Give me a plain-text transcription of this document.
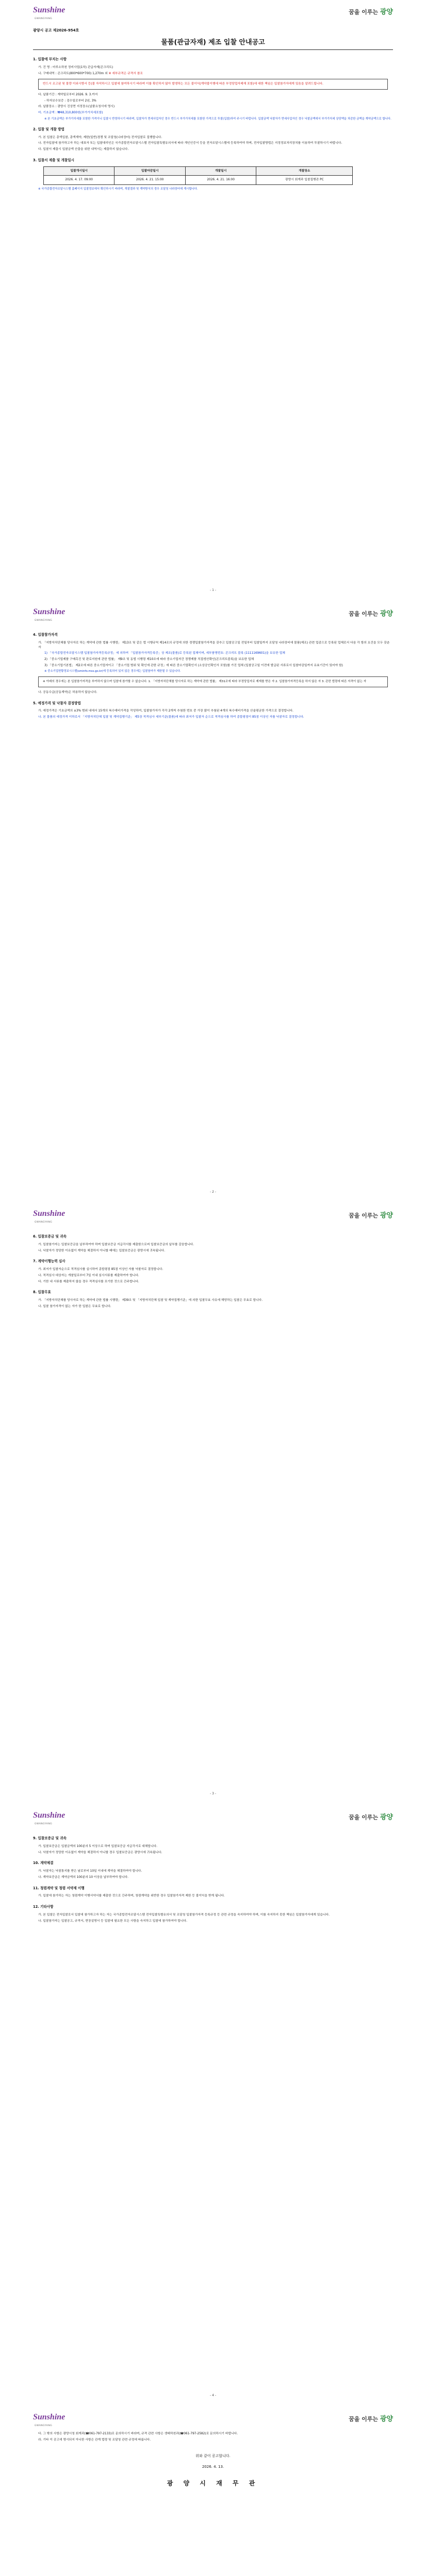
Sunshine
GWANGYANG
꿈을 이루는 광양
광양시 공고 제2026-954호
물품(관급자재) 제조 입찰 안내공고
1. 입찰에 부치는 사항
가. 건 명 : 마루소하천 정비사업(1차) 관급자재(콘크리트)
나. 구매내역 : 콘크리트(800*600*700) 1,270m 외 ※ 세부규격은 규격서 참조
반드시 조고된 및 물량 이외시방서 등(물 자석하시고 입찰에 참여하시기 바라며 이를 확인하지 않아 발생하는 모든 불이익(계약불이행에 따른 부정당업자제재 포함)에 대한 책임은 입찰참가자에게 있음을 알려드립니다.
다. 납품기간 : 계약일로부터 2026. 9. 3.까지
- 하자보수보증 : 검수일로부터 2년, 3%
라. 납품장소 : 광양시 진상면 지정장소(납품요청서에 명시)
마. 기초금액 : ₩48,310,800원(부가가치세포함)
※ 본 기초금액은 부가가치세를 포함한 가격이니 입찰시 반영하시기 바라며, 입찰자가 면세사업자인 경우 반드시 부가가치세를 포함한 가격으로 투찰(입찰)하여 주시기 바랍니다. 입찰금액 낙찰자가 면세사업자인 경우 낙찰금액에서 부가가치세 상당액을 차감한 금액을 계약금액으로 합니다.
2. 입찰 및 개찰 방법
가. 본 입찰은 총액입찰, 총액계약, 제한(일반)경쟁 및 조달청(나라장터) 전자입찰로 집행합니다.
나. 전자입찰에 참가하고자 하는 대표자 또는 입찰대리인은 국가종합전자조달시스템 전자입찰특별유의서에 따라 개인인증서 등을 전자조달시스템에 등록하여야 하며, 전자입찰방법은 지정정보처리장치를 이용하여 투찰하시기 바랍니다.
다. 입찰서 제출시 입찰금액 산출을 위한 내역서는 제출하지 않습니다.
3. 입찰서 제출 및 개찰일시
입찰개시일시	입찰마감일시	개찰일시	개찰장소
2026. 4. 17. 09:00	2026. 4. 21. 15:00	2026. 4. 21. 16:00	광양시 회계과 입찰집행관 PC
※ 국가종합전자조달시스템 홈페이지 입찰정보에서 확인하시기 바라며, 개찰결과 및 계약방식의 경우 조달청 나라장터에 게시합니다.
- 1 -
Sunshine
GWANGYANG
꿈을 이루는 광양
4. 입찰참가자격
가. 「지방자치단체를 당사자로 하는 계약에 관한 법률 시행령」 제13조 및 같은 법 시행규칙 제14조의 규정에 의한 경쟁입찰참가자격을 갖추고 입찰공고일 전일부터 입찰일까지 조달청 나라장터에 물품(제조) 관련 업종으로 등록된 업체로서 다음 각 항의 요건을 모두 갖춘 자
1) 「국가종합전자조달시스템 입찰참가자격등록규정」에 의하여 「입찰참가자격등록증」상 제조(물품)로 등록된 업체이며, 세부품명번호: 콘크리트 블록 (1111169601)을 보유한 업체
2) 「중소기업제품 구매촉진 및 판로지원에 관한 법률」 제9조 및 동법 시행령 제10조에 따라 중소기업자간 경쟁제품 직접생산확인(콘크리트블록)을 보유한 업체
3) 「중소기업기본법」 제2조에 따른 중소기업자이고 「중소기업 범위 및 확인에 관한 규정」에 따른 중소기업확인서 (소상공인확인서 포함)를 가진 업체 (입찰공고일 이전에 발급된 서류로서 입찰마감일까지 유효기간이 있어야 함)
※ 중소기업현황정보시스템(sminfo.mss.go.kr)에 등록되어 있지 않은 경우에는 입찰참여가 제한될 수 있습니다.
※ 아래의 경우에는 본 입찰참가자격을 부여하지 않으며 입찰에 참가할 수 없습니다. 1. 「지방자치단체를 당사자로 하는 계약에 관한 법률」 제31조에 따라 부정당업자로 제재를 받은 자 2. 입찰참가자격등록을 하지 않은 자 3. 관련 법령에 따른 자격이 없는 자
나. 공동수급(공동계약)은 허용하지 않습니다.
5. 예정가격 및 낙찰자 결정방법
가. 예정가격은 기초금액의 ±3% 범위 내에서 15개의 복수예비가격을 작성하여, 입찰참가자가 각각 2개씩 추첨한 번호 중 가장 많이 추첨된 4개의 복수예비가격을 산술평균한 가격으로 결정합니다.
나. 본 물품의 예정가격 이하로서 「지방자치단체 입찰 및 계약집행기준」 제5장 적격심사 세부기준(물품)에 따라 최저가 입찰자 순으로 적격심사를 하여 종합평점이 85점 이상인 자를 낙찰자로 결정합니다.
- 2 -
Sunshine
GWANGYANG
꿈을 이루는 광양
6. 입찰보증금 및 귀속
가. 입찰참가자는 입찰보증금을 납부하여야 하며 입찰보증금 지급각서를 제출함으로써 입찰보증금의 납부를 갈음합니다.
나. 낙찰자가 정당한 이유없이 계약을 체결하지 아니할 때에는 입찰보증금은 광양시에 귀속됩니다.
7. 계약이행능력 심사
가. 최저가 입찰자순으로 적격심사를 실시하여 종합평점 85점 이상인 자를 낙찰자로 결정합니다.
나. 적격심사 대상자는 개찰일로부터 7일 이내 심사서류를 제출하여야 합니다.
다. 기한 내 서류를 제출하지 않을 경우 적격심사를 포기한 것으로 간주합니다.
8. 입찰무효
가. 「지방자치단체를 당사자로 하는 계약에 관한 법률 시행령」 제39조 및 「지방자치단체 입찰 및 계약집행기준」에 의한 입찰무효 사유에 해당하는 입찰은 무효로 합니다.
나. 입찰 참가자격이 없는 자가 한 입찰은 무효로 합니다.
- 3 -
Sunshine
GWANGYANG
꿈을 이루는 광양
9. 입찰보증금 및 귀속
가. 입찰보증금은 입찰금액의 100분의 5 이상으로 하며 입찰보증금 지급각서로 대체합니다.
나. 낙찰자가 정당한 이유없이 계약을 체결하지 아니할 경우 입찰보증금은 광양시에 귀속됩니다.
10. 계약체결
가. 낙찰자는 낙찰통지를 받은 날로부터 10일 이내에 계약을 체결하여야 합니다.
나. 계약보증금은 계약금액의 100분의 10 이상을 납부하여야 합니다.
11. 청렴계약 및 청렴 서약제 이행
가. 입찰에 참가하는 자는 청렴계약 이행서약서를 제출한 것으로 간주하며, 청렴계약을 위반한 경우 입찰참가자격 제한 등 불이익을 받게 됩니다.
12. 기타사항
가. 본 입찰은 전자입찰로서 입찰에 참가하고자 하는 자는 국가종합전자조달시스템 전자입찰특별유의서 및 조달청 입찰참가자격 등록규정 등 관련 규정을 숙지하여야 하며, 이를 숙지하지 못한 책임은 입찰참가자에게 있습니다.
나. 입찰참가자는 입찰공고, 규격서, 현장설명서 등 입찰에 필요한 모든 사항을 숙지하고 입찰에 참가하여야 합니다.
- 4 -
Sunshine
GWANGYANG
꿈을 이루는 광양
다. 그 밖의 사항은 광양시청 회계과(☎061-797-2133)로 문의하시기 바라며, 규격 관련 사항은 생태하천과(☎061-797-2582)로 문의하시기 바랍니다.
라. 기타 이 공고에 명시되지 아니한 사항은 관계 법령 및 조달청 관련 규정에 따릅니다.
위와 같이 공고합니다.
2026. 4. 13.
광 양 시 재 무 관
